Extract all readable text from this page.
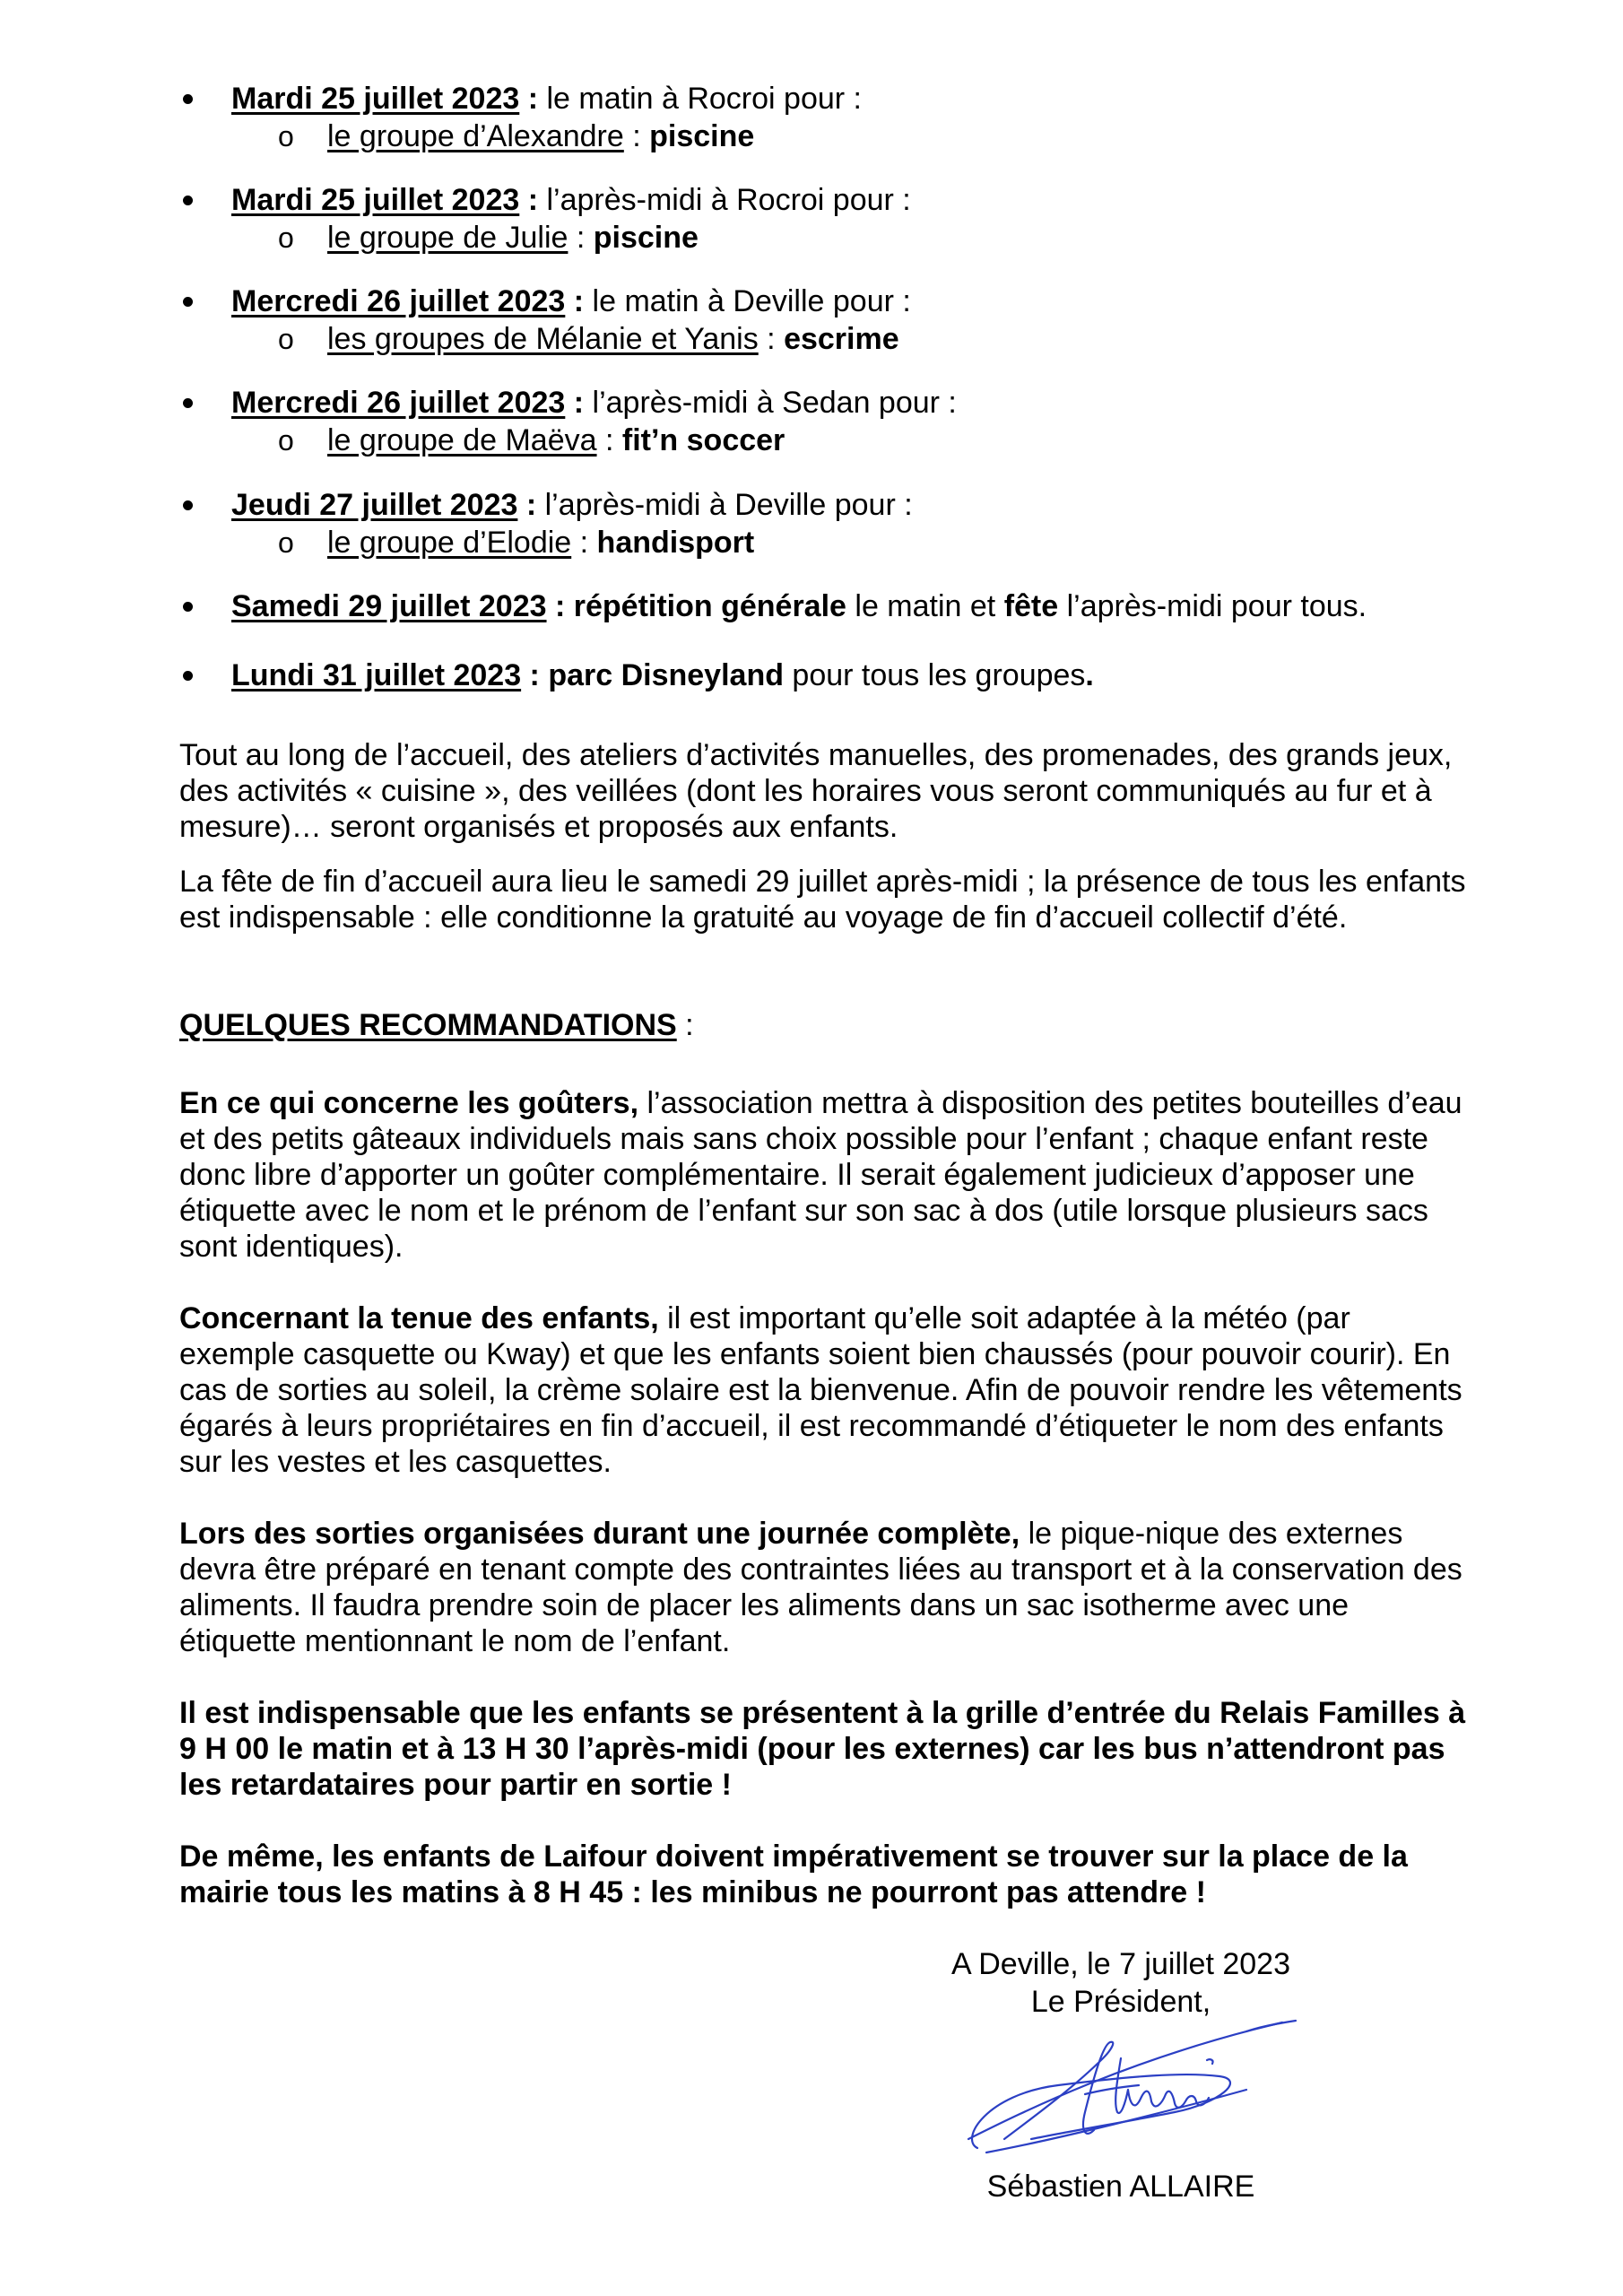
Mardi 25 juillet 2023 : le matin à Rocroi pour :
o le groupe d’Alexandre : piscine
Mardi 25 juillet 2023 : l’après-midi à Rocroi pour :
o le groupe de Julie : piscine
Mercredi 26 juillet 2023 : le matin à Deville pour :
o les groupes de Mélanie et Yanis : escrime
Mercredi 26 juillet 2023 : l’après-midi à Sedan pour :
o le groupe de Maëva : fit’n soccer
Jeudi 27 juillet 2023 : l’après-midi à Deville pour :
o le groupe d’Elodie : handisport
Samedi 29 juillet 2023 : répétition générale le matin et fête l’après-midi pour tous.
Lundi 31 juillet 2023 : parc Disneyland pour tous les groupes.

Tout au long de l’accueil, des ateliers d’activités manuelles, des promenades, des grands jeux, des activités « cuisine », des veillées (dont les horaires vous seront communiqués au fur et à mesure)… seront organisés et proposés aux enfants.

La fête de fin d’accueil aura lieu le samedi 29 juillet après-midi ; la présence de tous les enfants est indispensable : elle conditionne la gratuité au voyage de fin d’accueil collectif d’été.

QUELQUES RECOMMANDATIONS :

En ce qui concerne les goûters, l’association mettra à disposition des petites bouteilles d’eau et des petits gâteaux individuels mais sans choix possible pour l’enfant ; chaque enfant reste donc libre d’apporter un goûter complémentaire. Il serait également judicieux d’apposer une étiquette avec le nom et le prénom de l’enfant sur son sac à dos (utile lorsque plusieurs sacs sont identiques).

Concernant la tenue des enfants, il est important qu’elle soit adaptée à la météo (par exemple casquette ou Kway) et que les enfants soient bien chaussés (pour pouvoir courir). En cas de sorties au soleil, la crème solaire est la bienvenue. Afin de pouvoir rendre les vêtements égarés à leurs propriétaires en fin d’accueil, il est recommandé d’étiqueter le nom des enfants sur les vestes et les casquettes.

Lors des sorties organisées durant une journée complète, le pique-nique des externes devra être préparé en tenant compte des contraintes liées au transport et à la conservation des aliments. Il faudra prendre soin de placer les aliments dans un sac isotherme avec une étiquette mentionnant le nom de l’enfant.

Il est indispensable que les enfants se présentent à la grille d’entrée du Relais Familles à 9 H 00 le matin et à 13 H 30 l’après-midi (pour les externes) car les bus n’attendront pas les retardataires pour partir en sortie !

De même, les enfants de Laifour doivent impérativement se trouver sur la place de la mairie tous les matins à 8 H 45 : les minibus ne pourront pas attendre !

A Deville, le 7 juillet 2023
Le Président,
Sébastien ALLAIRE
